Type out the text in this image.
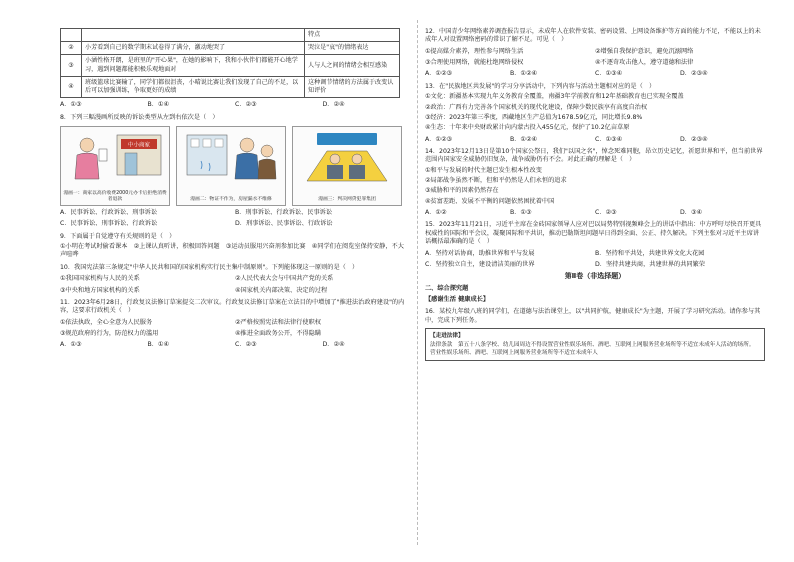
		特点
②	小芳看到自己的数学期末试卷得了满分，激动地哭了	哭泣是"哀"的情绪表达
③	小涵性格开朗，是班里的"开心果"，在她的影响下，我和小伙伴们都能开心地学习，遇到问题都能积极乐观地面对	人与人之间的情绪会相互感染
④	班级篮球比赛输了，同学们都很沮丧，小晴说比赛让我们发现了自己的不足，以后可以加强训练，争取更好的成绩	这种调节情绪的方法属于改变认知评价
A．①③	B．①④	C．②③	D．②④
8．下列三幅漫画所反映的诉讼类型从左到右依次是（　）
中小商家
漫画一：商家以高价收费2000元办卡后拒绝消费者退款	漫画二：物证不作为，房屋漏水不维修	漫画三：判决网贷犯罪集团
A．民事诉讼、行政诉讼、刑事诉讼	B．刑事诉讼、行政诉讼、民事诉讼
C．民事诉讼、刑事诉讼、行政诉讼	D．刑事诉讼、民事诉讼、行政诉讼
9．下面属于自觉遵守有关规则的是（　）
①小明在考试时偷看课本　②上课认真听讲，积极回答问题　③运动员服用兴奋剂参加比赛　④同学们在阅览室保持安静，不大声喧哗
10．我国宪法第三条规定"中华人民共和国的国家机构实行民主集中制原则"。下列能体现这一原则的是（　）
①我国国家机构与人民的关系	②人民代表大会与中国共产党的关系
③中央和地方国家机构的关系	④国家机关内部决策、决定的过程
11．2023年6月28日，行政复议法修订草案提交二次审议。行政复议法修订草案在立法目的中增加了"推进法治政府建设"的内容，这要求行政机关（　）
①依法执政，全心全意为人民服务	②严格按照宪法和法律行使职权
③规范政府的行为，防范权力的滥用	④推进全面政务公开，不得隐瞒
A．①③	B．①④	C．②③	D．②④
12．中国青少年网络素养调查报告显示，未成年人在软件安装、密码设置、上网设备维护等方面的能力不足，不能以上的未成年人对设置网络密码的常识了解不足。可见（　）
①提高媒介素养，理性参与网络生活	②增强自我保护意识，避免沉溺网络
③合理使用网络，就能杜绝网络侵权	④不逐奇攻击他人，遵守道德和法律
A．①②③	B．①②④	C．①③④	D．②③④
13．在"民族地区共发展"的学习分享活动中，下列内容与活动主题相对应的是（　）
①文化：新疆基本实现九年义务教育全覆盖，南疆3年学前教育和12年基础教育也已实现全覆盖
②政治：广西有力完善各个国家机关的现代化建设，保障少数民族享有高度自治权
③经济：2023年第三季度，西藏地区生产总值为1678.59亿元，同比增长9.8%
④生态：十年来中央财政累计向内蒙古投入455亿元，保护了10.2亿亩草原
A．①②③	B．①②④	C．①③④	D．②③④
14．2023年12月13日是第10个国家公祭日，我们"以国之名"，悼念死难同胞，昂立历史记忆，祈愿世界和平，但当前世界范围内国家安全威胁仍旧复杂，战争威胁仍有不会。对此正确的理解是（　）
①和平与发展的时代主题已发生根本性改变
②局部战争虽然不断，但和平仍然是人们永恒的追求
③威胁和平的因素仍然存在
④贫富差距、发展不平衡的问题依然困扰着中国
A．①②	B．①③	C．②③	D．③④
15．2023年11月21日，习近平主席在金砖国家领导人应对巴以局势特别视频峰会上的讲话中指出：中方呼吁尽快召开更具权威性的国际和平会议，凝聚国际和平共识，推动巴勒斯坦问题早日得到全面、公正、持久解决。下列主张对习近平主席讲话概括最准确的是（　）
A．坚持对话协商，助推世界和平与发展	B．坚持和平共处，共建世界文化大花园
C．坚持独立自主，建设清洁美丽的世界	D．坚持共建共商，共建世界的共同繁荣
第Ⅱ卷（非选择题）
二、综合探究题
【感谢生活 健康成长】
16．某校九年级八班的同学们，在道德与法治课堂上，以"共同护航，健康成长"为主题，开展了学习研究活动。请你参与其中，完成下列任务。
【走进法律】
法律条款　第五十八条学校、幼儿园周边不得设置营业性娱乐场所、酒吧、互联网上网服务营业场所等不适宜未成年人活动的场所。营业性娱乐场所、酒吧、互联网上网服务营业场所等不适宜未成年人
